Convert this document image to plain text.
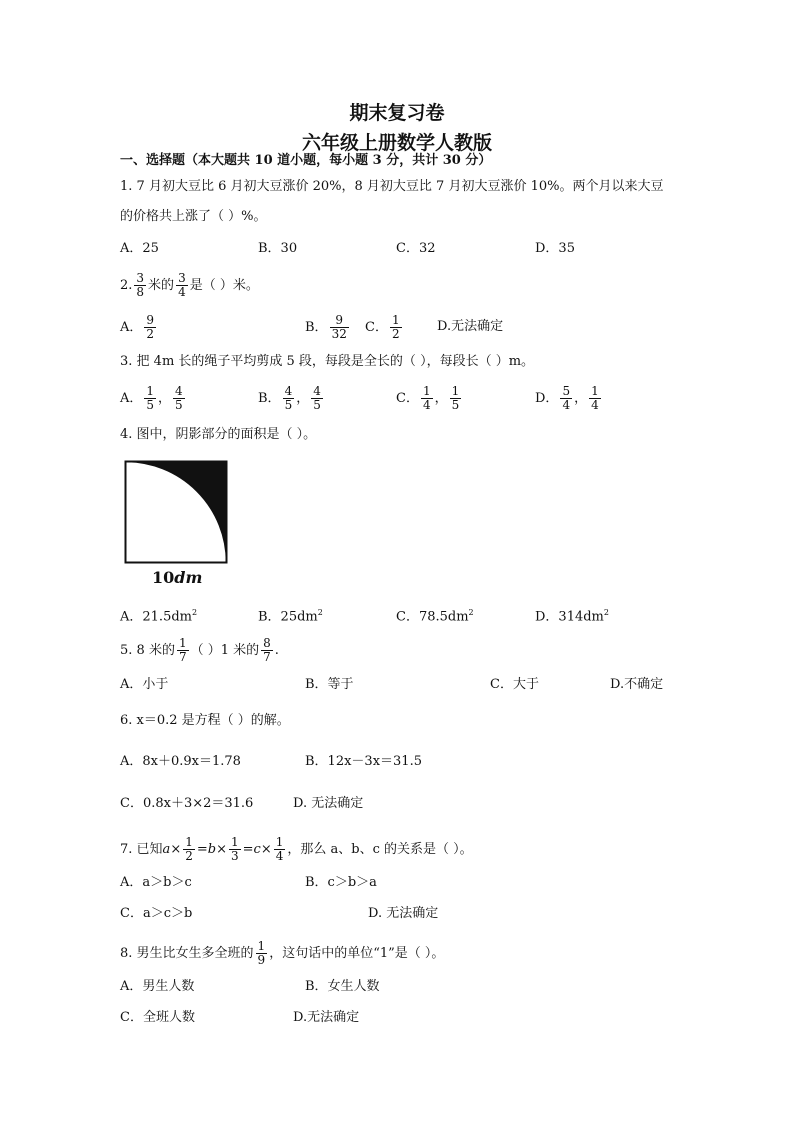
期末复习卷
六年级上册数学人教版
一、选择题（本大题共 10 道小题，每小题 3 分，共计 30 分）
1. 7 月初大豆比 6 月初大豆涨价 20%，8 月初大豆比 7 月初大豆涨价 10%。两个月以来大豆
的价格共上涨了（ ）%。
A．25	B．30	C．32	D．35
2. $\frac{3}{8}$ 米的 $\frac{3}{4}$ 是（ ）米。
A． $\frac{9}{2}$	B． $\frac{9}{32}$ C． $\frac{1}{2}$	D.无法确定
3. 把 4m 长的绳子平均剪成 5 段，每段是全长的（ ），每段长（ ）m。
A． $\frac{1}{5}$ ， $\frac{4}{5}$	B． $\frac{4}{5}$ ， $\frac{4}{5}$	C． $\frac{1}{4}$ ， $\frac{1}{5}$	D． $\frac{5}{4}$ ， $\frac{1}{4}$
4. 图中，阴影部分的面积是（ ）。
10dm
A．$21.5dm^2$	B．$25dm^2$	C．$78.5dm^2$	D．$314dm^2$
5. 8 米的 $\frac{1}{7}$ （ ）1 米的 $\frac{8}{7}$ .
A．小于	B．等于	C．大于	D.不确定
6. x＝0.2 是方程（ ）的解。
A．8x＋0.9x＝1.78	B．12x－3x＝31.5
C．0.8x＋3×2＝31.6	D. 无法确定
7. 已知$a\times \frac{1}{2} =b\times \frac{1}{3} =c\times \frac{1}{4}$ ，那么 a、b、c 的关系是（ ）。
A．a＞b＞c	B．c＞b＞a
C．a＞c＞b	D. 无法确定
8. 男生比女生多全班的 $\frac{1}{9}$ ，这句话中的单位“1”是（ ）。
A．男生人数	B．女生人数
C．全班人数	D.无法确定
